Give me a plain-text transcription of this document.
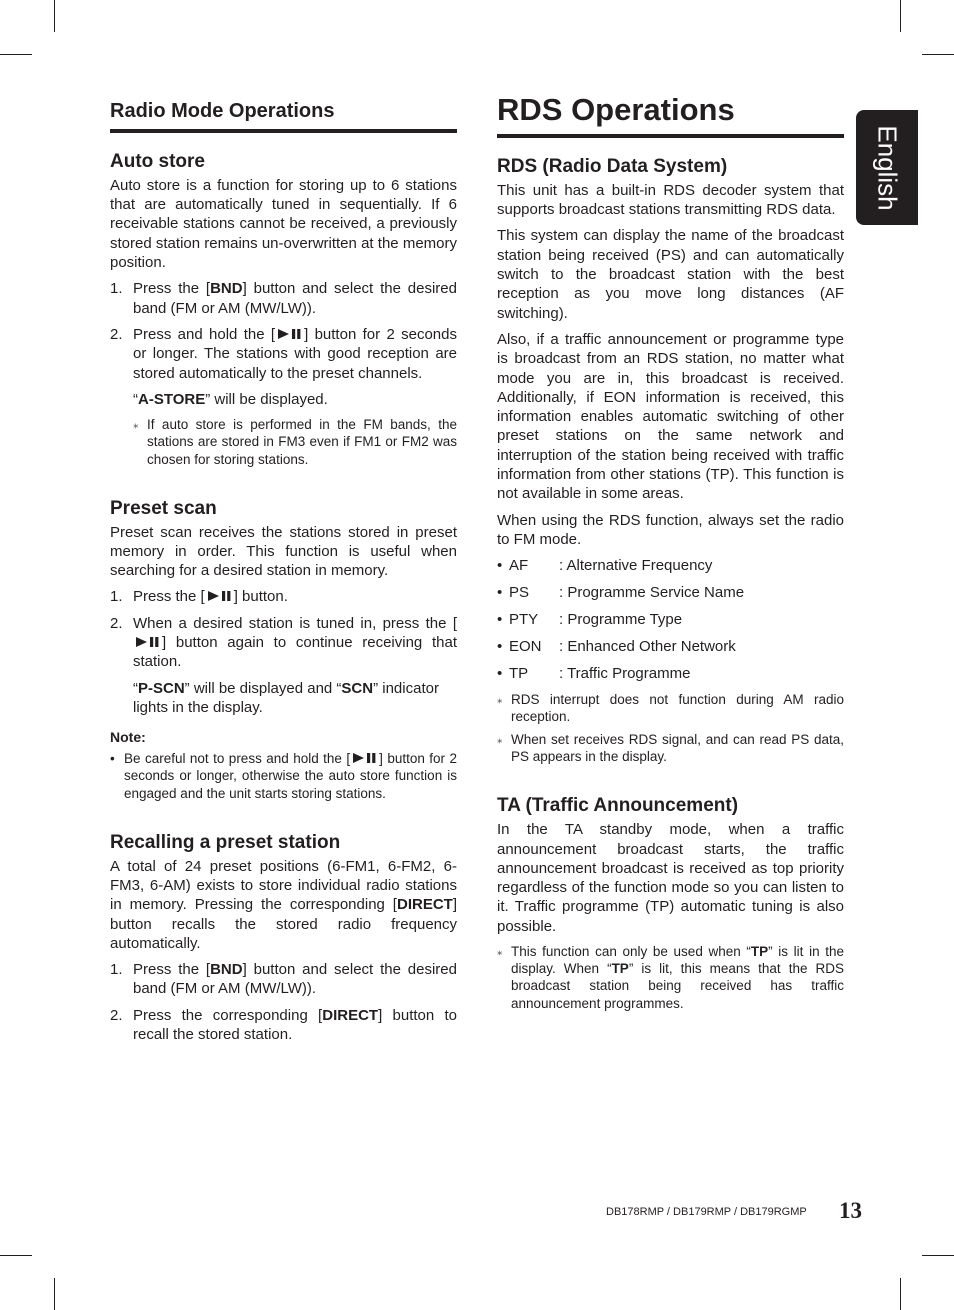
Radio Mode Operations
Auto store

Auto store is a function for storing up to 6 stations that are automatically tuned in sequentially. If 6 receivable stations cannot be received, a previously stored station remains un-overwritten at the memory position.

1. Press the [BND] button and select the desired band (FM or AM (MW/LW)).
2. Press and hold the [ ] button for 2 seconds or longer. The stations with good reception are stored automatically to the preset channels.
“A-STORE” will be displayed.
⁎ If auto store is performed in the FM bands, the stations are stored in FM3 even if FM1 or FM2 was chosen for storing stations.
Preset scan

Preset scan receives the stations stored in preset memory in order. This function is useful when searching for a desired station in memory.

1. Press the [ ] button.
2. When a desired station is tuned in, press the [
] button again to continue receiving that station.
“P-SCN” will be displayed and “SCN” indicator lights in the display.
Note:
• Be careful not to press and hold the [ ] button for 2 seconds or longer, otherwise the auto store function is engaged and the unit starts storing stations.
Recalling a preset station

A total of 24 preset positions (6-FM1, 6-FM2, 6-FM3, 6-AM) exists to store individual radio stations in memory. Pressing the corresponding [DIRECT] button recalls the stored radio frequency automatically.

1. Press the [BND] button and select the desired band (FM or AM (MW/LW)).
2. Press the corresponding [DIRECT] button to recall the stored station.
RDS Operations
RDS (Radio Data System)

This unit has a built-in RDS decoder system that supports broadcast stations transmitting RDS data.

This system can display the name of the broadcast station being received (PS) and can automatically switch to the broadcast station with the best reception as you move long distances (AF switching).

Also, if a traffic announcement or programme type is broadcast from an RDS station, no matter what mode you are in, this broadcast is received. Additionally, if EON information is received, this information enables automatic switching of other preset stations on the same network and interruption of the station being received with traffic information from other stations (TP). This function is not available in some areas.

When using the RDS function, always set the radio to FM mode.

• AF	: Alternative Frequency
• PS	: Programme Service Name
• PTY	: Programme Type
• EON	: Enhanced Other Network
• TP	: Traffic Programme
⁎ RDS interrupt does not function during AM radio reception.
⁎ When set receives RDS signal, and can read PS data, PS appears in the display.
TA (Traffic Announcement)

In the TA standby mode, when a traffic announcement broadcast starts, the traffic announcement broadcast is received as top priority regardless of the function mode so you can listen to it. Traffic programme (TP) automatic tuning is also possible.

⁎ This function can only be used when “TP” is lit in the display. When “TP” is lit, this means that the RDS broadcast station being received has traffic announcement programmes.
English
DB178RMP / DB179RMP / DB179RGMP 13
